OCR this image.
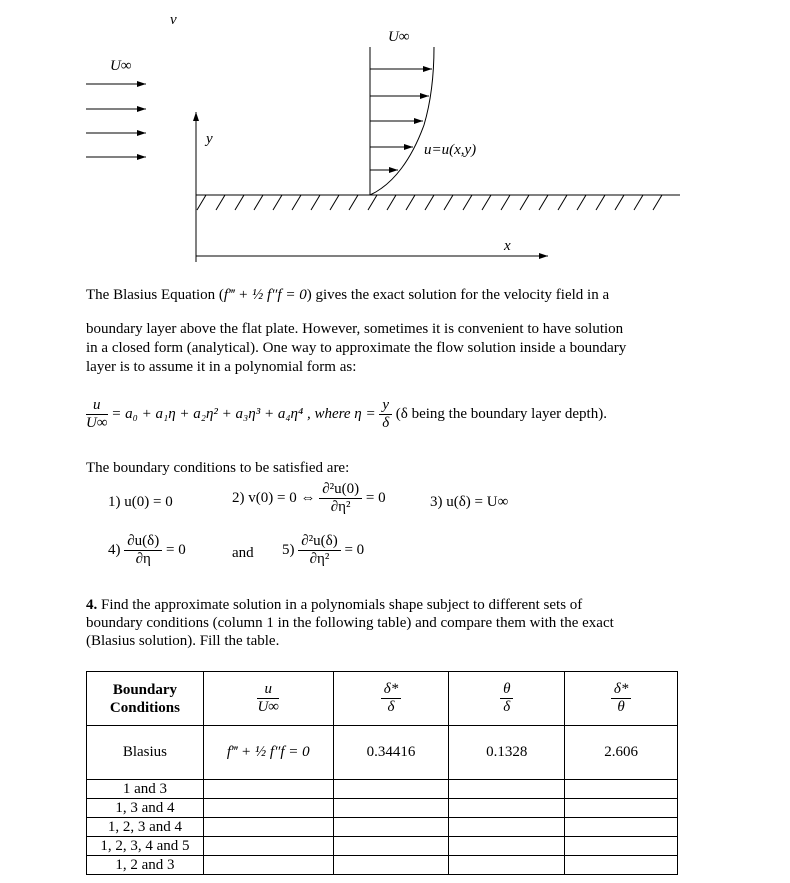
ν
U∞
U∞
y
x
u=u(x,y)
The Blasius Equation (f‴ + ½ f″f = 0) gives the exact solution for the velocity field in a
boundary layer above the flat plate. However, sometimes it is convenient to have solution
in a closed form (analytical). One way to approximate the flow solution inside a boundary
layer is to assume it in a polynomial form as:
$\frac{u}{U\infty} = a_0 + a_1\eta + a_2\eta^2 + a_3\eta^3 + a_4\eta^4$ , where $\eta = \frac{y}{\delta} (\delta$ being the boundary layer depth).
The boundary conditions to be satisfied are:
1) u(0) = 0	2) v(0) = 0 ⇔ $\frac{\text{∂²u(0)}}{\text{∂η²}} = 0$	3) u(δ) = U∞
$4) \frac{\partial u(\delta)}{\partial\eta} = 0$	and $5) \frac{\text{∂²u(δ)}}{\text{∂η²}} = 0$
4. Find the approximate solution in a polynomials shape subject to different sets of
boundary conditions (column 1 in the following table) and compare them with the exact
(Blasius solution). Fill the table.
Boundary
Conditions	$\frac{u}{U\infty}$	$\frac{\delta*}{\delta}$	$\frac{\theta}{\delta}$	$\frac{\delta*}{\theta}$

Blasius	f‴ + ½ f″f = 0	0.34416	0.1328	2.606
1 and 3				
1, 3 and 4				
1, 2, 3 and 4				
1, 2, 3, 4 and 5				
1, 2 and 3				
